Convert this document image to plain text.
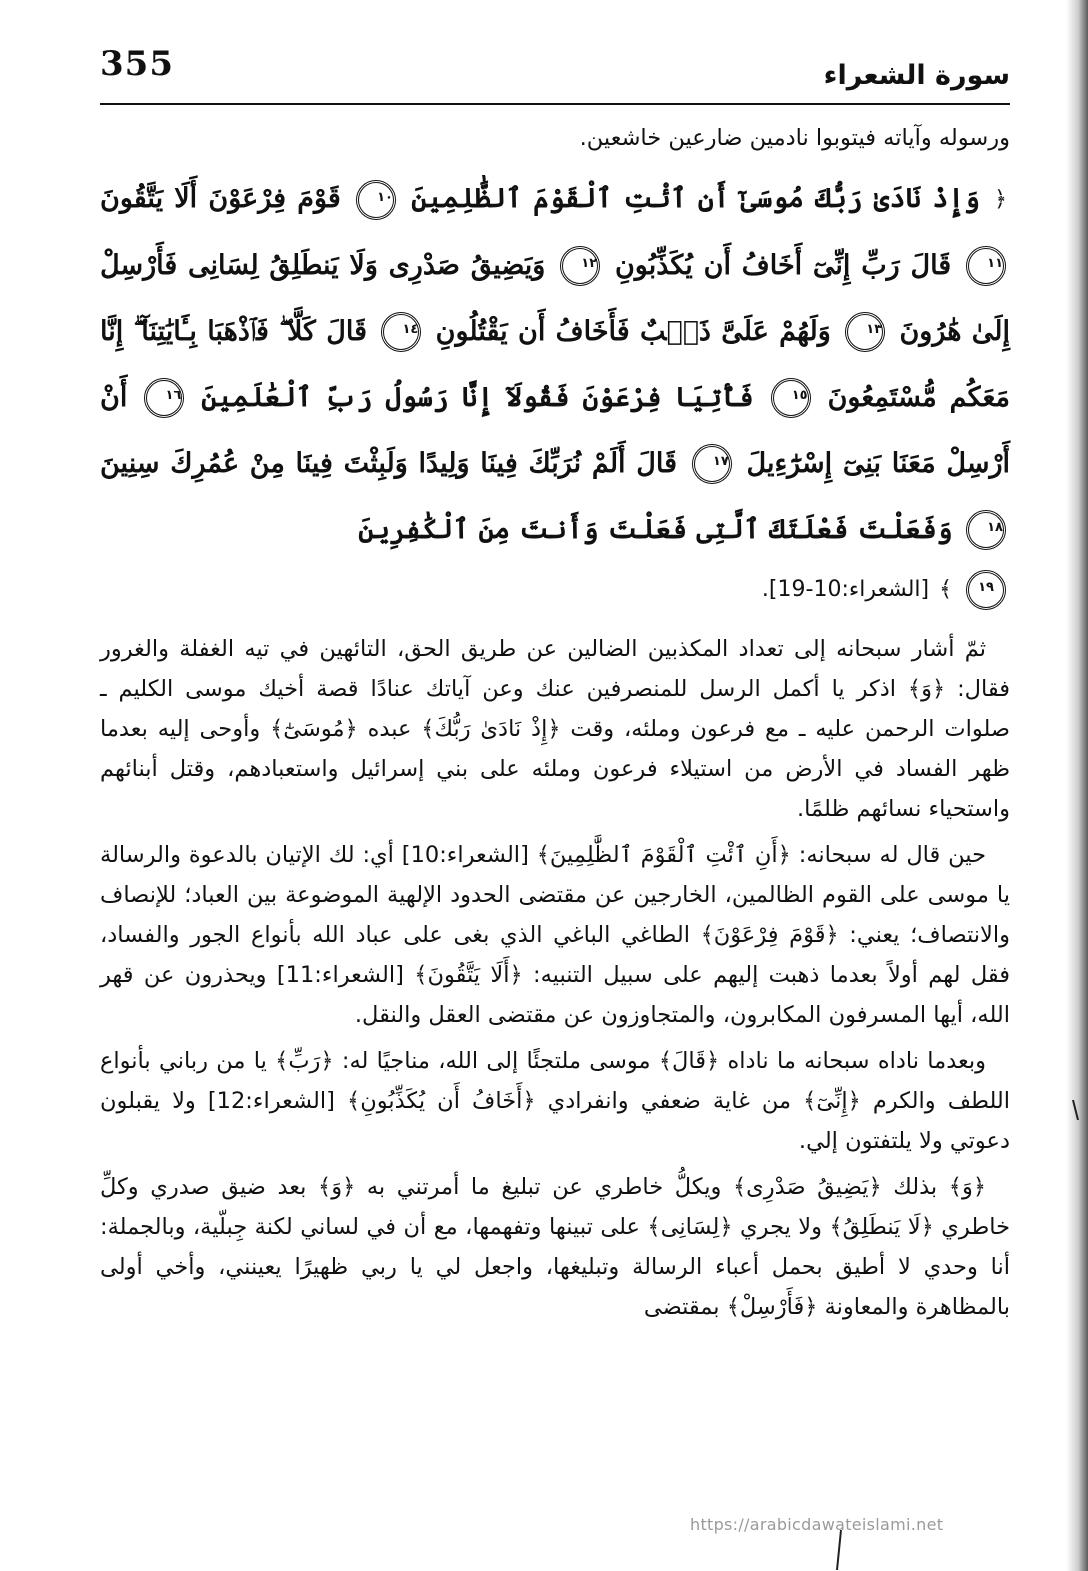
355	سورة الشعراء

ورسوله وآياته فيتوبوا نادمين ضارعين خاشعين.

﴿ وَإِذْ نَادَىٰ رَبُّكَ مُوسَىٰٓ أَنِ ٱئْتِ ٱلْقَوْمَ ٱلظَّٰلِمِينَ ١٠ قَوْمَ فِرْعَوْنَ أَلَا يَتَّقُونَ ١١ قَالَ رَبِّ إِنِّىٓ أَخَافُ أَن يُكَذِّبُونِ ١٢ وَيَضِيقُ صَدْرِى وَلَا يَنطَلِقُ لِسَانِى فَأَرْسِلْ إِلَىٰ هَٰرُونَ ١٣ وَلَهُمْ عَلَىَّ ذَنۢبٌ فَأَخَافُ أَن يَقْتُلُونِ ١٤ قَالَ كَلَّا ۖ فَٱذْهَبَا بِـَٔايَٰتِنَآ ۖ إِنَّا مَعَكُم مُّسْتَمِعُونَ ١٥ فَأْتِيَا فِرْعَوْنَ فَقُولَآ إِنَّا رَسُولُ رَبِّ ٱلْعَٰلَمِينَ ١٦ أَنْ أَرْسِلْ مَعَنَا بَنِىٓ إِسْرَٰٓءِيلَ ١٧ قَالَ أَلَمْ نُرَبِّكَ فِينَا وَلِيدًا وَلَبِثْتَ فِينَا مِنْ عُمُرِكَ سِنِينَ ١٨ وَفَعَلْتَ فَعْلَتَكَ ٱلَّتِى فَعَلْتَ وَأَنتَ مِنَ ٱلْكَٰفِرِينَ

١٩ ﴾ [الشعراء:10-19].

ثمّ أشار سبحانه إلى تعداد المكذبين الضالين عن طريق الحق، التائهين في تيه الغفلة والغرور فقال: ﴿وَ﴾ اذكر يا أكمل الرسل للمنصرفين عنك وعن آياتك عنادًا قصة أخيك موسى الكليم ـ صلوات الرحمن عليه ـ مع فرعون وملئه، وقت ﴿إِذْ نَادَىٰ رَبُّكَ﴾ عبده ﴿مُوسَىٰٓ﴾ وأوحى إليه بعدما ظهر الفساد في الأرض من استيلاء فرعون وملئه على بني إسرائيل واستعبادهم، وقتل أبنائهم واستحياء نسائهم ظلمًا.

حين قال له سبحانه: ﴿أَنِ ٱئْتِ ٱلْقَوْمَ ٱلظَّٰلِمِينَ﴾ [الشعراء:10] أي: لك الإتيان بالدعوة والرسالة يا موسى على القوم الظالمين، الخارجين عن مقتضى الحدود الإلهية الموضوعة بين العباد؛ للإنصاف والانتصاف؛ يعني: ﴿قَوْمَ فِرْعَوْنَ﴾ الطاغي الباغي الذي بغى على عباد الله بأنواع الجور والفساد، فقل لهم أولاً بعدما ذهبت إليهم على سبيل التنبيه: ﴿أَلَا يَتَّقُونَ﴾ [الشعراء:11] ويحذرون عن قهر الله، أيها المسرفون المكابرون، والمتجاوزون عن مقتضى العقل والنقل.

وبعدما ناداه سبحانه ما ناداه ﴿قَالَ﴾ موسى ملتجئًا إلى الله، مناجيًا له: ﴿رَبِّ﴾ يا من رباني بأنواع اللطف والكرم ﴿إِنِّىٓ﴾ من غاية ضعفي وانفرادي ﴿أَخَافُ أَن يُكَذِّبُونِ﴾ [الشعراء:12] ولا يقبلون دعوتي ولا يلتفتون إلي.

﴿وَ﴾ بذلك ﴿يَضِيقُ صَدْرِى﴾ ويكلُّ خاطري عن تبليغ ما أمرتني به ﴿وَ﴾ بعد ضيق صدري وكلِّ خاطري ﴿لَا يَنطَلِقُ﴾ ولا يجري ﴿لِسَانِى﴾ على تبينها وتفهمها، مع أن في لساني لكنة جِبلّية، وبالجملة: أنا وحدي لا أطيق بحمل أعباء الرسالة وتبليغها، واجعل لي يا ربي ظهيرًا يعينني، وأخي أولى بالمظاهرة والمعاونة ﴿فَأَرْسِلْ﴾ بمقتضى

https://arabicdawateislami.net
